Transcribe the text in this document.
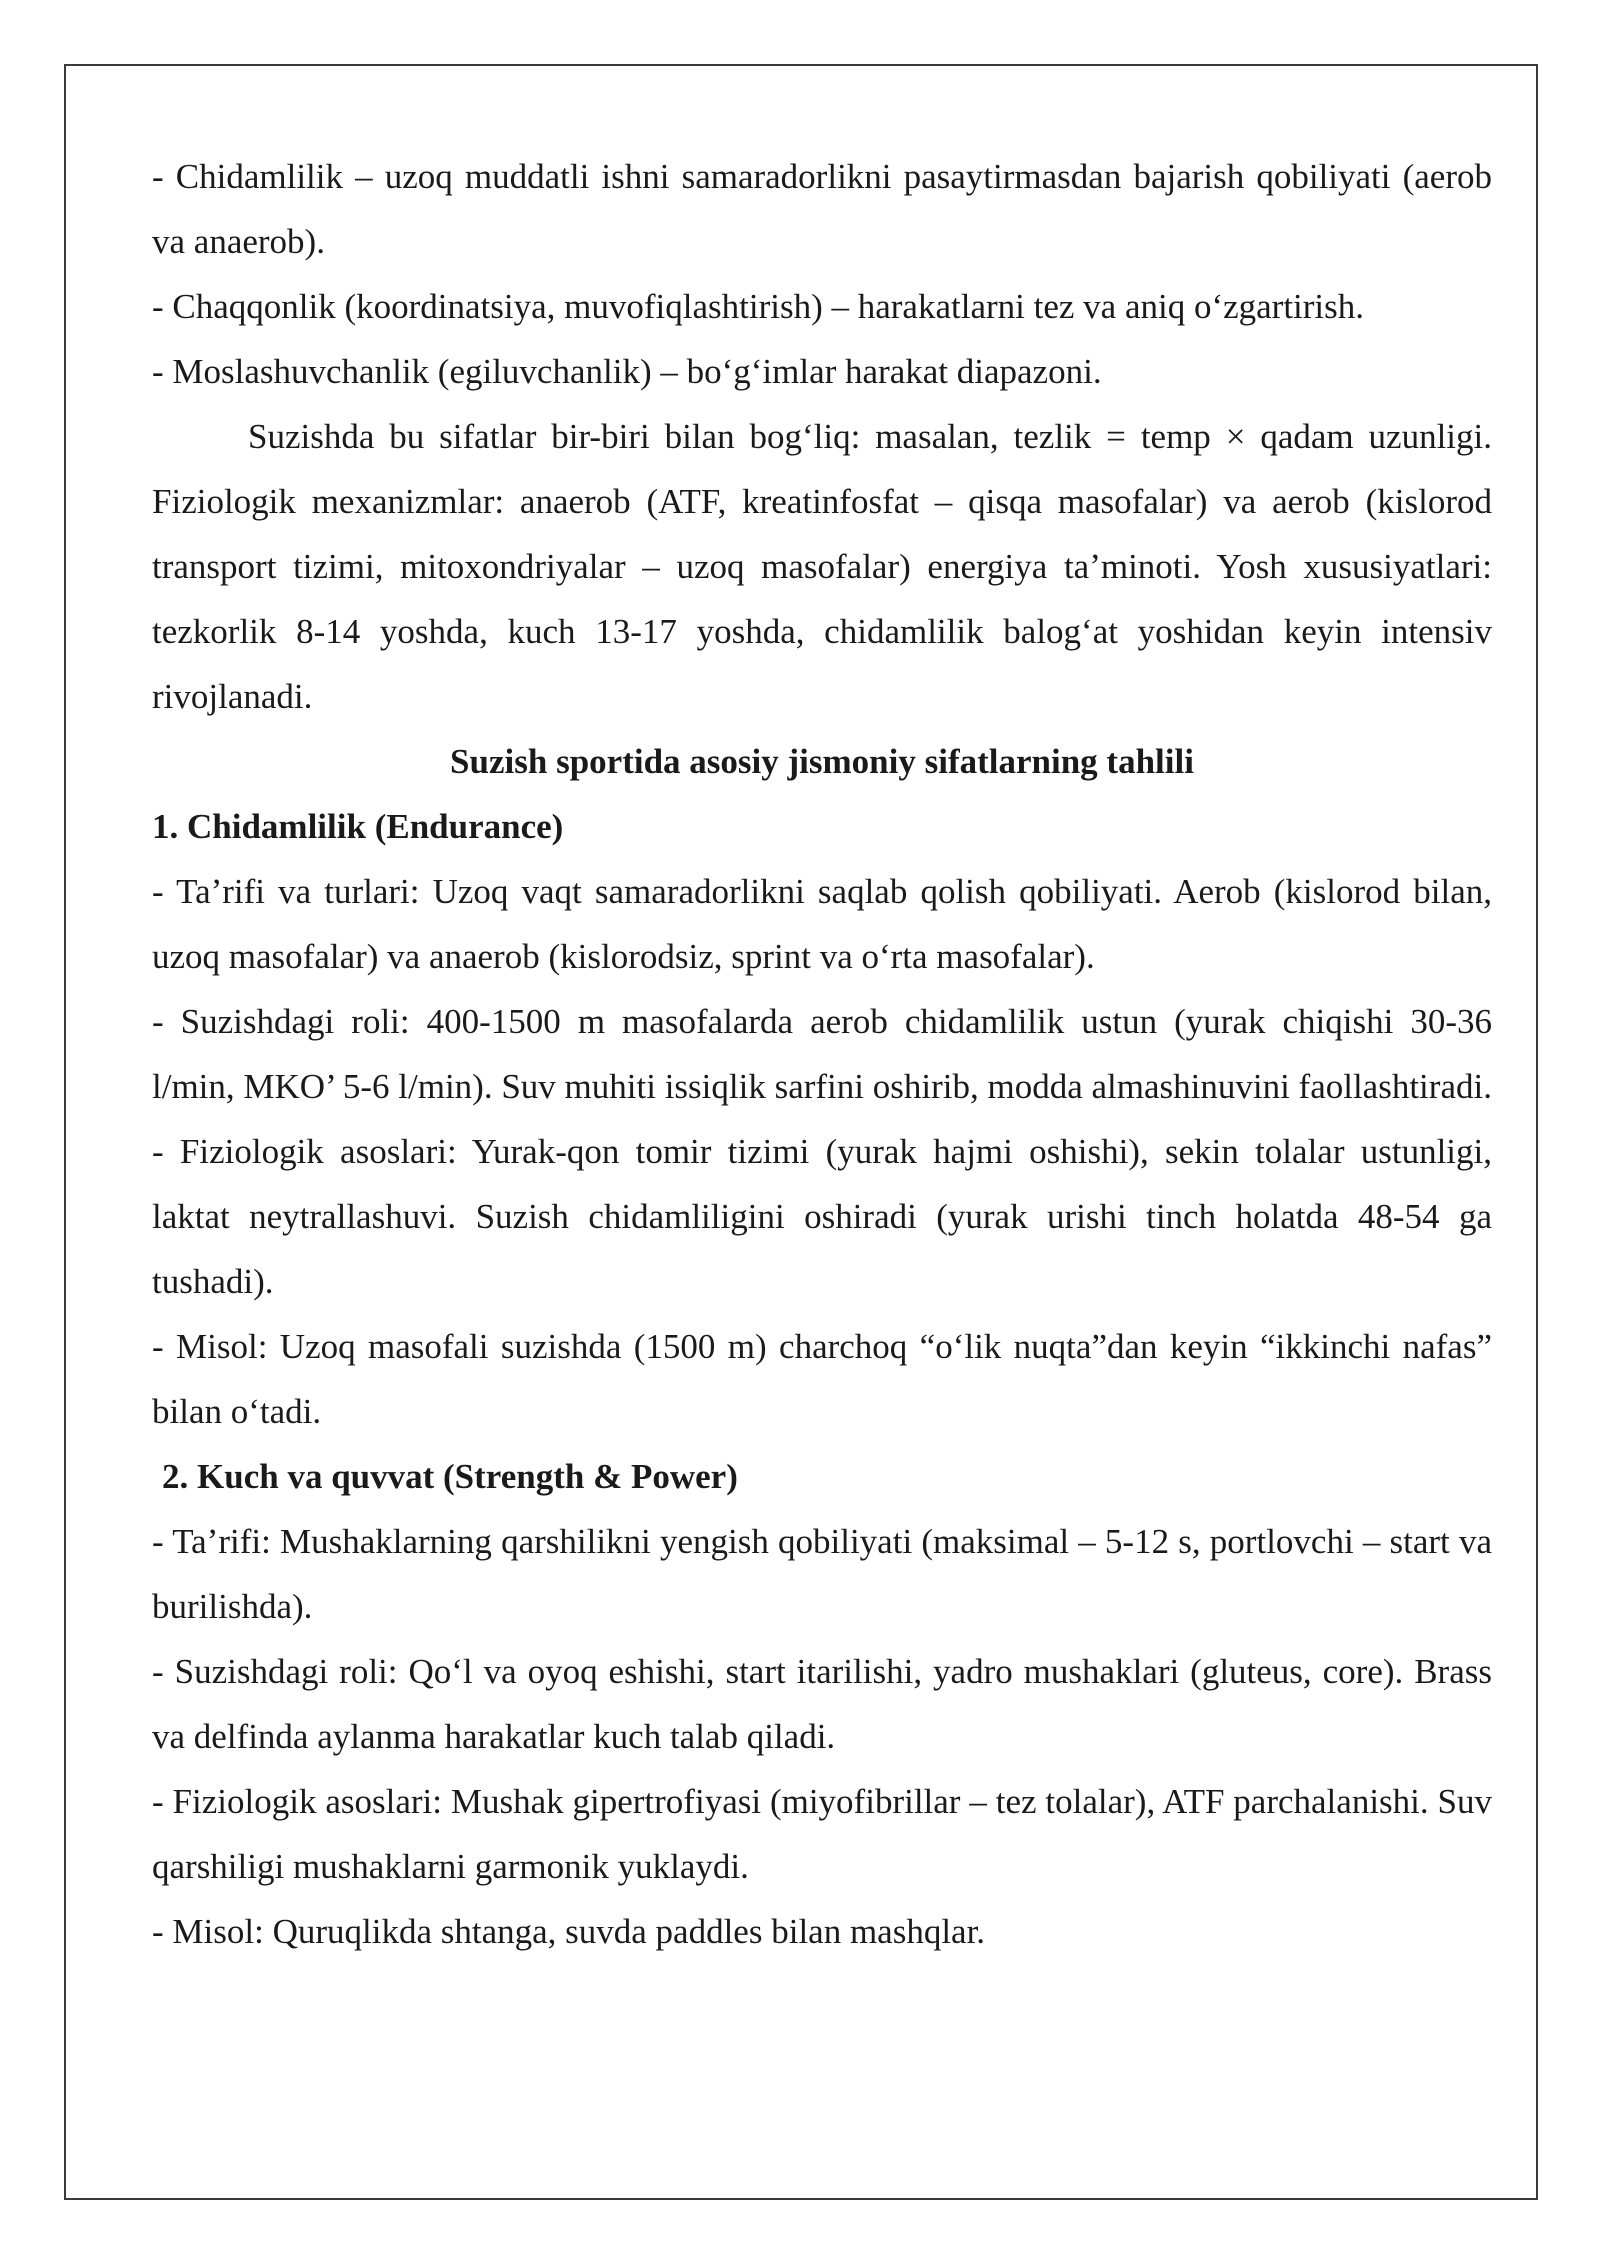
- Chidamlilik – uzoq muddatli ishni samaradorlikni pasaytirmasdan bajarish qobiliyati (aerob va anaerob).

- Chaqqonlik (koordinatsiya, muvofiqlashtirish) – harakatlarni tez va aniq oʻzgartirish.

- Moslashuvchanlik (egiluvchanlik) – boʻgʻimlar harakat diapazoni.

Suzishda bu sifatlar bir-biri bilan bogʻliq: masalan, tezlik = temp × qadam uzunligi. Fiziologik mexanizmlar: anaerob (ATF, kreatinfosfat – qisqa masofalar) va aerob (kislorod transport tizimi, mitoxondriyalar – uzoq masofalar) energiya taʼminoti. Yosh xususiyatlari: tezkorlik 8-14 yoshda, kuch 13-17 yoshda, chidamlilik balogʻat yoshidan keyin intensiv rivojlanadi.

Suzish sportida asosiy jismoniy sifatlarning tahlili

1. Chidamlilik (Endurance)

- Taʼrifi va turlari: Uzoq vaqt samaradorlikni saqlab qolish qobiliyati. Aerob (kislorod bilan, uzoq masofalar) va anaerob (kislorodsiz, sprint va oʻrta masofalar).

- Suzishdagi roli: 400-1500 m masofalarda aerob chidamlilik ustun (yurak chiqishi 30-36 l/min, MKO’ 5-6 l/min). Suv muhiti issiqlik sarfini oshirib, modda almashinuvini faollashtiradi.

- Fiziologik asoslari: Yurak-qon tomir tizimi (yurak hajmi oshishi), sekin tolalar ustunligi, laktat neytrallashuvi. Suzish chidamliligini oshiradi (yurak urishi tinch holatda 48-54 ga tushadi).

- Misol: Uzoq masofali suzishda (1500 m) charchoq “oʻlik nuqta”dan keyin “ikkinchi nafas” bilan oʻtadi.

2. Kuch va quvvat (Strength & Power)

- Taʼrifi: Mushaklarning qarshilikni yengish qobiliyati (maksimal – 5-12 s, portlovchi – start va burilishda).

- Suzishdagi roli: Qoʻl va oyoq eshishi, start itarilishi, yadro mushaklari (gluteus, core). Brass va delfinda aylanma harakatlar kuch talab qiladi.

- Fiziologik asoslari: Mushak gipertrofiyasi (miyofibrillar – tez tolalar), ATF parchalanishi. Suv qarshiligi mushaklarni garmonik yuklaydi.

- Misol: Quruqlikda shtanga, suvda paddles bilan mashqlar.
